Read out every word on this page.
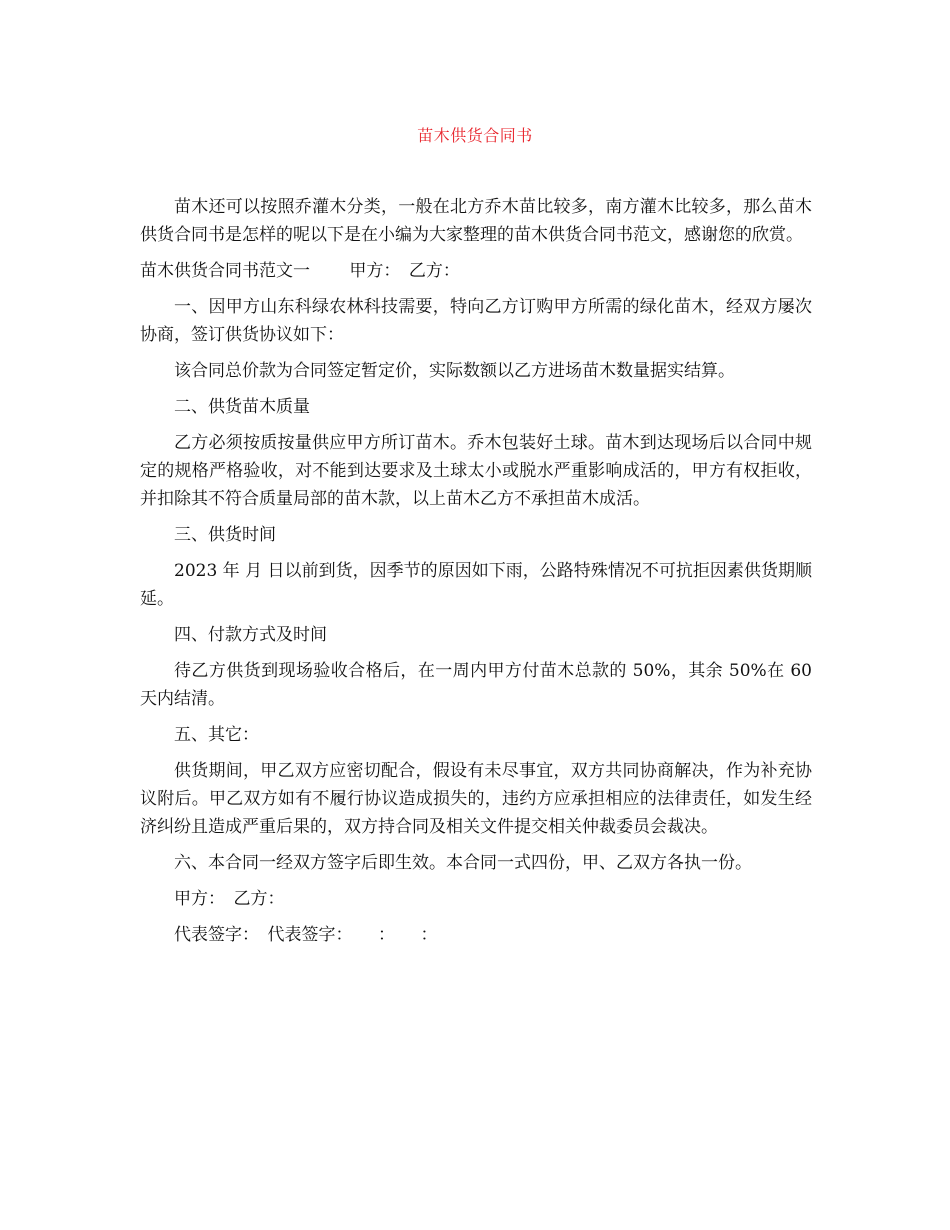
苗木供货合同书

苗木还可以按照乔灌木分类，一般在北方乔木苗比较多，南方灌木比较多，那么苗木供货合同书是怎样的呢以下是在小编为大家整理的苗木供货合同书范文，感谢您的欣赏。

苗木供货合同书范文一　　 甲方：　乙方：

一、因甲方山东科绿农林科技需要，特向乙方订购甲方所需的绿化苗木，经双方屡次协商，签订供货协议如下：

该合同总价款为合同签定暂定价，实际数额以乙方进场苗木数量据实结算。

二、供货苗木质量

乙方必须按质按量供应甲方所订苗木。乔木包装好土球。苗木到达现场后以合同中规定的规格严格验收，对不能到达要求及土球太小或脱水严重影响成活的，甲方有权拒收，并扣除其不符合质量局部的苗木款，以上苗木乙方不承担苗木成活。

三、供货时间

2023 年 月 日以前到货，因季节的原因如下雨，公路特殊情况不可抗拒因素供货期顺延。

四、付款方式及时间

待乙方供货到现场验收合格后，在一周内甲方付苗木总款的 50%，其余 50%在 60 天内结清。

五、其它：

供货期间，甲乙双方应密切配合，假设有未尽事宜，双方共同协商解决，作为补充协议附后。甲乙双方如有不履行协议造成损失的，违约方应承担相应的法律责任，如发生经济纠纷且造成严重后果的，双方持合同及相关文件提交相关仲裁委员会裁决。

六、本合同一经双方签字后即生效。本合同一式四份，甲、乙双方各执一份。

甲方：　乙方：

代表签字：　代表签字：　　：　　：
